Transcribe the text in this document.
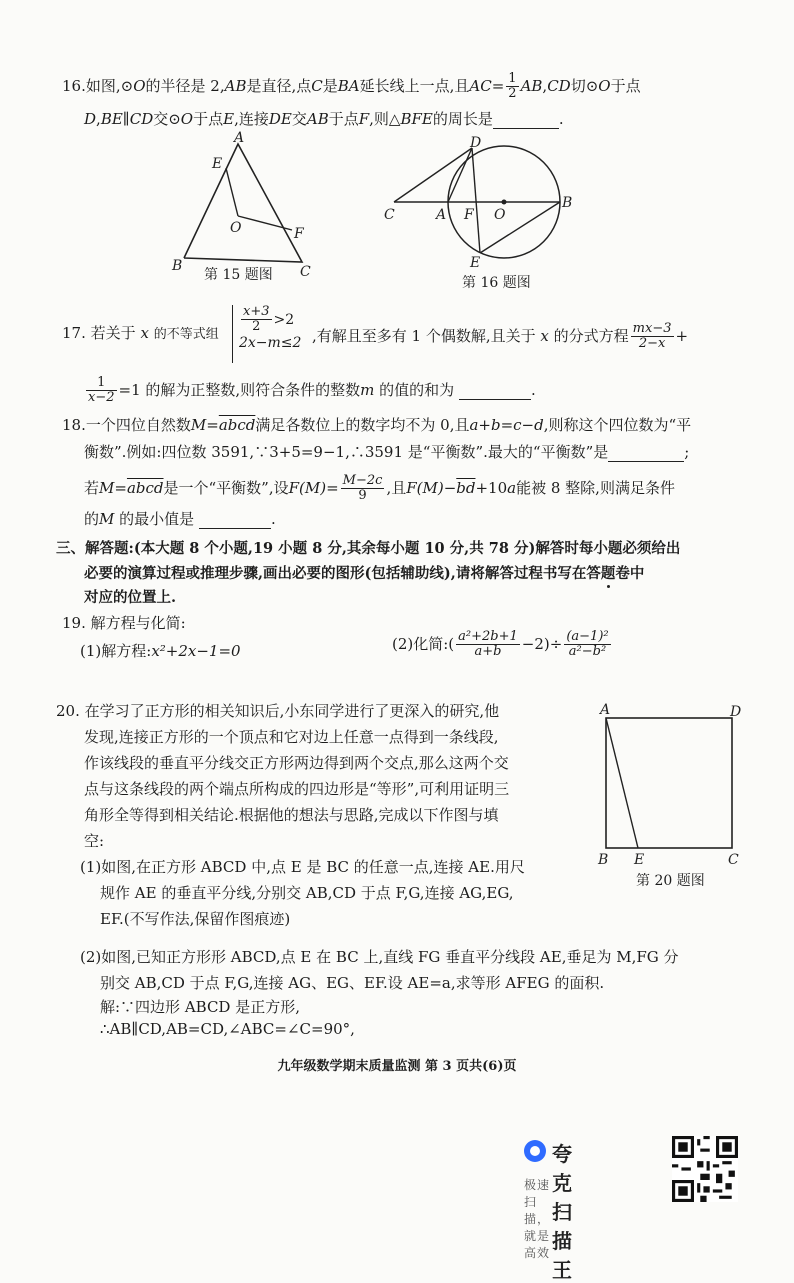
16.如图,⊙O的半径是 2,AB是直径,点C是BA延长线上一点,且$AC= \frac{1}{2} AB,CD$切⊙O于点
D,BE∥CD交⊙O于点E,连接DE交AB于点F,则△BFE的周长是	.
A
E
O	F
B	C
第 15 题图
D
C	A F O
B
E
第 16 题图
17. 若关于 x 的不等式组 $\frac{x+3}{2} >2$
2x−m≤2 ,有解且至多有 1 个偶数解,且关于 x 的分式方程 $\frac{mx-3}{2-x}$ +
$\frac{1}{x-2} =1$ 的解为正整数,则符合条件的整数m 的值的和为	.
18.一个四位自然数M=abcd满足各数位上的数字均不为 0,且a+b=c−d,则称这个四位数为“平
衡数”.例如:四位数 3591,∵3+5=9−1,∴3591 是“平衡数”.最大的“平衡数”是	;
若M=abcd是一个“平衡数”,设$F(M)= \frac{M-2c}{9}$ ,且$F(M)-\overline{bd}+10a$能被 8 整除,则满足条件
的M 的最小值是	.
三、解答题:(本大题 8 个小题,19 小题 8 分,其余每小题 10 分,共 78 分)解答时每小题必须给出
必要的演算过程或推理步骤,画出必要的图形(包括辅助线),请将解答过程书写在答题卷中
对应的位置上.
19. 解方程与化简:
(1)解方程:x²+2x−1=0	(2)化简:( $\frac{\text{a²+2b+1}}{a+b} -2)\div \frac{\text{(a−1)²}}{\text{a²−b²}}$
20. 在学习了正方形的相关知识后,小东同学进行了更深入的研究,他
发现,连接正方形的一个顶点和它对边上任意一点得到一条线段,
作该线段的垂直平分线交正方形两边得到两个交点,那么这两个交
点与这条线段的两个端点所构成的四边形是“等形”,可利用证明三
角形全等得到相关结论.根据他的想法与思路,完成以下作图与填
空:
(1)如图,在正方形 ABCD 中,点 E 是 BC 的任意一点,连接 AE.用尺
规作 AE 的垂直平分线,分别交 AB,CD 于点 F,G,连接 AG,EG,
EF.(不写作法,保留作图痕迹)
A	D
B E	C
第 20 题图
(2)如图,已知正方形形 ABCD,点 E 在 BC 上,直线 FG 垂直平分线段 AE,垂足为 M,FG 分
别交 AB,CD 于点 F,G,连接 AG、EG、EF.设 AE=a,求等形 AFEG 的面积.
解:∵四边形 ABCD 是正方形,
∴AB∥CD,AB=CD,∠ABC=∠C=90°,
九年级数学期末质量监测 第 3 页共(6)页
夸克扫描王
极速扫描，就是高效
